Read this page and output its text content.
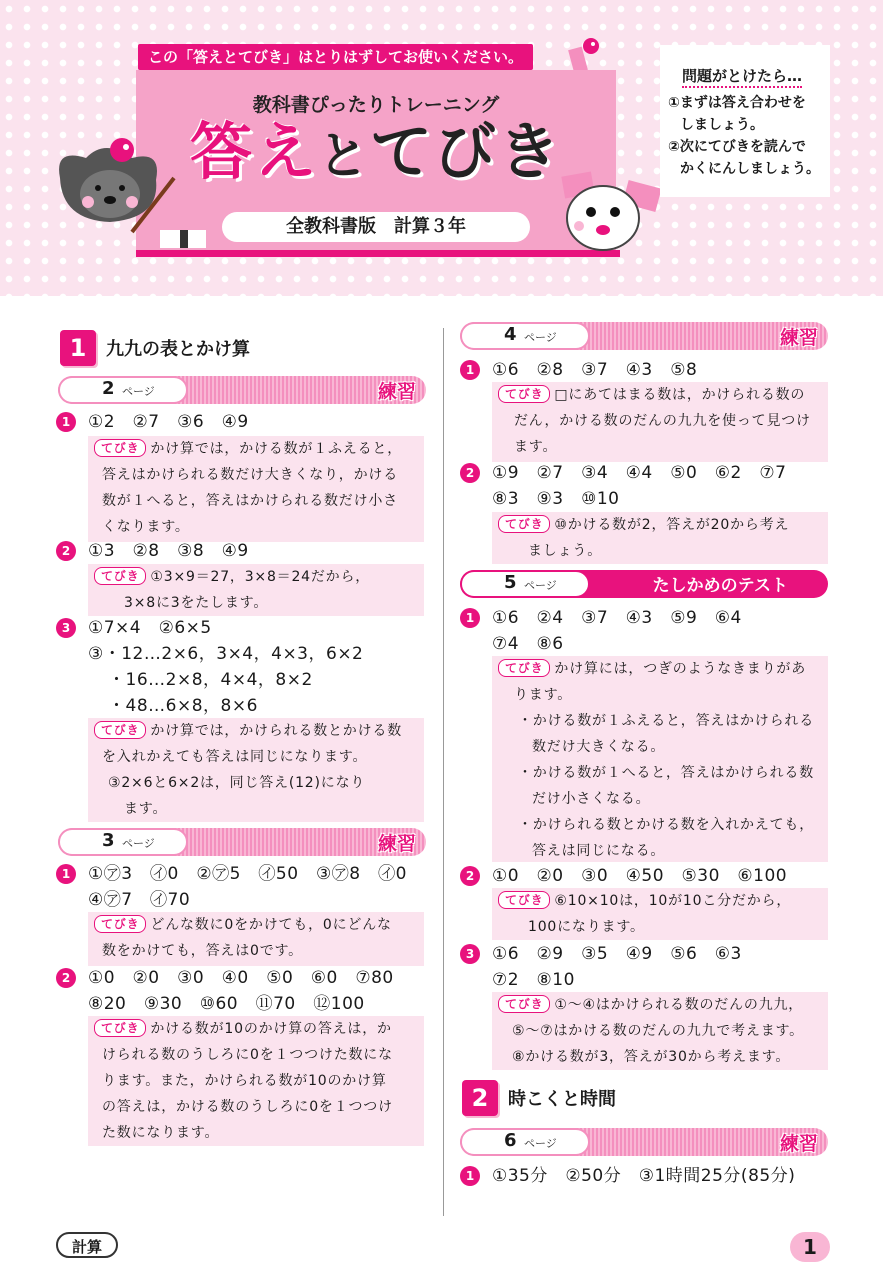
この「答えとてびき」はとりはずしてお使いください。
教科書ぴったりトレーニング
答えとてびき
全教科書版　計算３年
問題がとけたら…
①まずは答え合わせを
しましょう。
②次にてびきを読んで
かくにんしましょう。
1	九九の表とかけ算
2 ページ	練習
1	①2　②7　③6　④9
てびき かけ算では，かける数が１ふえると，
答えはかけられる数だけ大きくなり，かける
数が１へると，答えはかけられる数だけ小さ
くなります。
2	①3　②8　③8　④9
てびき ①3×9＝27，3×8＝24だから，
3×8に3をたします。
3	①7×4　②6×5
③・12…2×6，3×4，4×3，6×2
・16…2×8，4×4，8×2
・48…6×8，8×6
てびき かけ算では，かけられる数とかける数
を入れかえても答えは同じになります。
③2×6と6×2は，同じ答え(12)になり
ます。
3 ページ	練習
1	①㋐3　㋑0　②㋐5　㋑50　③㋐8　㋑0
④㋐7　㋑70
てびき どんな数に0をかけても，0にどんな
数をかけても，答えは0です。
2	①0　②0　③0　④0　⑤0　⑥0　⑦80
⑧20　⑨30　⑩60　⑪70　⑫100
てびき かける数が10のかけ算の答えは，か
けられる数のうしろに0を１つつけた数にな
ります。また，かけられる数が10のかけ算
の答えは，かける数のうしろに0を１つつけ
た数になります。
4 ページ	練習
1	①6　②8　③7　④3　⑤8
てびき □にあてはまる数は，かけられる数の
だん，かける数のだんの九九を使って見つけ
ます。
2	①9　②7　③4　④4　⑤0　⑥2　⑦7
⑧3　⑨3　⑩10
てびき ⑩かける数が2，答えが20から考え
ましょう。
5 ページ	たしかめのテスト
1	①6　②4　③7　④3　⑤9　⑥4
⑦4　⑧6
てびき かけ算には，つぎのようなきまりがあ
ります。
・かける数が１ふえると，答えはかけられる
数だけ大きくなる。
・かける数が１へると，答えはかけられる数
だけ小さくなる。
・かけられる数とかける数を入れかえても，
答えは同じになる。
2	①0　②0　③0　④50　⑤30　⑥100
てびき ⑥10×10は，10が10こ分だから，
100になります。
3	①6　②9　③5　④9　⑤6　⑥3
⑦2　⑧10
てびき ①～④はかけられる数のだんの九九，
⑤～⑦はかける数のだんの九九で考えます。
⑧かける数が3，答えが30から考えます。
2	時こくと時間
6 ページ	練習
1	①35分　②50分　③1時間25分(85分)
計算	1
